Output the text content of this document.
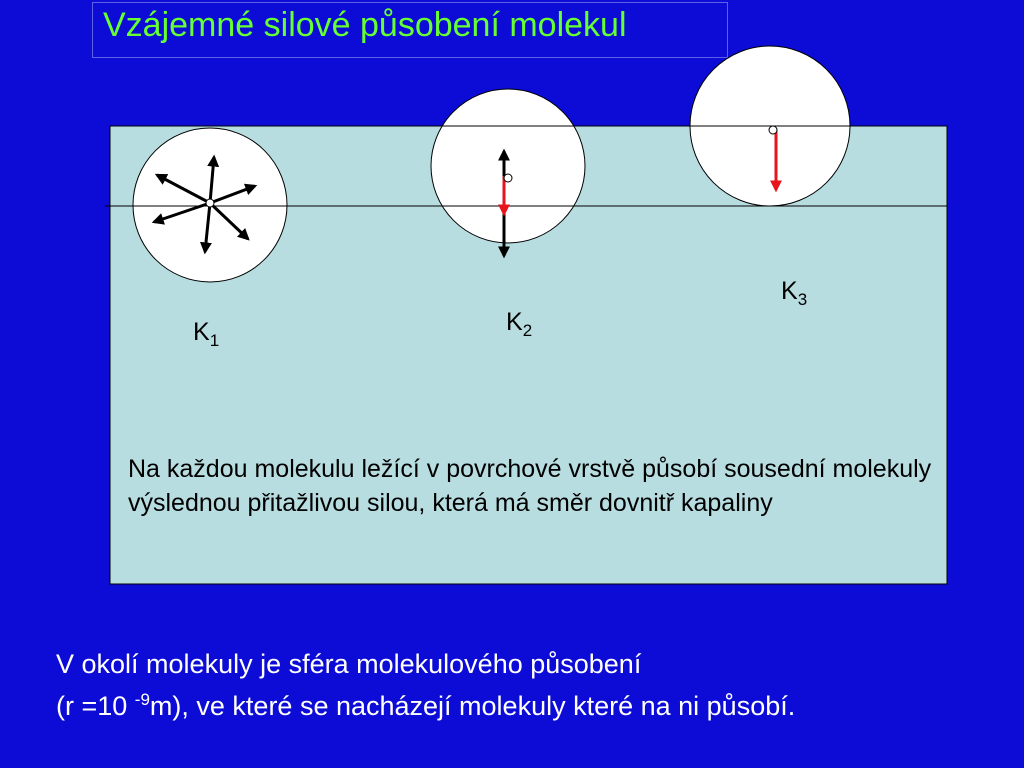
Vzájemné silové působení molekul
$K_1$
$K_2$
$K_3$
Na každou molekulu ležící v povrchové vrstvě působí sousední molekuly výslednou přitažlivou silou, která má směr dovnitř kapaliny
V okolí molekuly je sféra molekulového působení
(r =10 $^{-9}$m), ve které se nacházejí molekuly které na ni působí.
